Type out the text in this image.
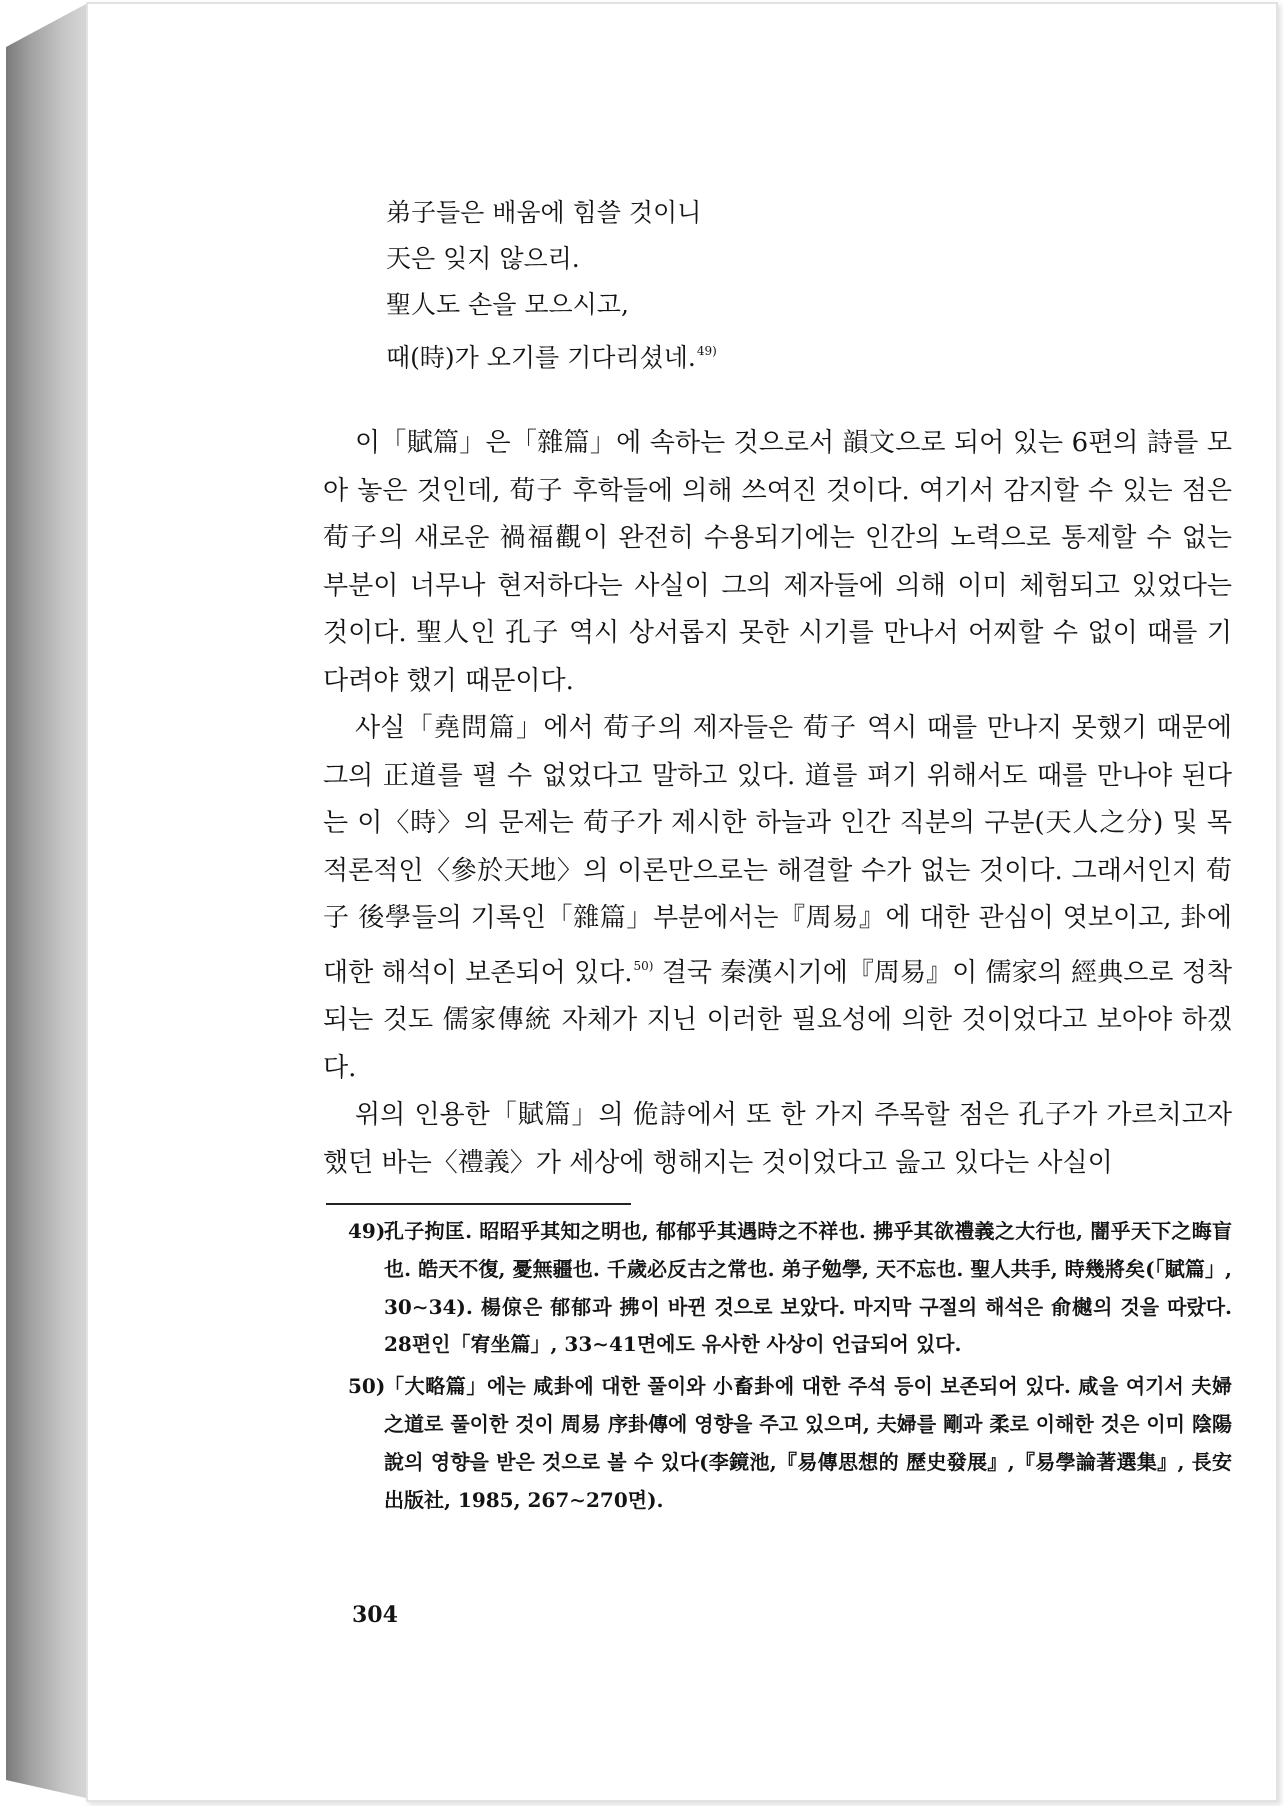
弟子들은 배움에 힘쓸 것이니

天은 잊지 않으리.

聖人도 손을 모으시고,

때(時)가 오기를 기다리셨네.$^{49)}$

이「賦篇」은「雜篇」에 속하는 것으로서 韻文으로 되어 있는 6편의 詩를 모아 놓은 것인데, 荀子 후학들에 의해 쓰여진 것이다. 여기서 감지할 수 있는 점은 荀子의 새로운 禍福觀이 완전히 수용되기에는 인간의 노력으로 통제할 수 없는 부분이 너무나 현저하다는 사실이 그의 제자들에 의해 이미 체험되고 있었다는 것이다. 聖人인 孔子 역시 상서롭지 못한 시기를 만나서 어찌할 수 없이 때를 기다려야 했기 때문이다.

사실「堯問篇」에서 荀子의 제자들은 荀子 역시 때를 만나지 못했기 때문에 그의 正道를 펼 수 없었다고 말하고 있다. 道를 펴기 위해서도 때를 만나야 된다는 이〈時〉의 문제는 荀子가 제시한 하늘과 인간 직분의 구분(天人之分) 및 목적론적인〈參於天地〉의 이론만으로는 해결할 수가 없는 것이다. 그래서인지 荀子 後學들의 기록인「雜篇」부분에서는『周易』에 대한 관심이 엿보이고, 卦에 대한 해석이 보존되어 있다.$^{50)}$ 결국 秦漢시기에『周易』이 儒家의 經典으로 정착되는 것도 儒家傳統 자체가 지닌 이러한 필요성에 의한 것이었다고 보아야 하겠다.

위의 인용한「賦篇」의 佹詩에서 또 한 가지 주목할 점은 孔子가 가르치고자 했던 바는〈禮義〉가 세상에 행해지는 것이었다고 읊고 있다는 사실이

49)
孔子拘匡. 昭昭乎其知之明也, 郁郁乎其遇時之不祥也. 拂乎其欲禮義之大行也, 闇乎天下之晦盲也. 皓天不復, 憂無疆也. 千歲必反古之常也. 弟子勉學, 天不忘也. 聖人共手, 時幾將矣(「賦篇」, 30∼34). 楊倞은 郁郁과 拂이 바뀐 것으로 보았다. 마지막 구절의 해석은 俞樾의 것을 따랐다. 28편인「宥坐篇」, 33∼41면에도 유사한 사상이 언급되어 있다.
50)
「大略篇」에는 咸卦에 대한 풀이와 小畜卦에 대한 주석 등이 보존되어 있다. 咸을 여기서 夫婦之道로 풀이한 것이 周易 序卦傳에 영향을 주고 있으며, 夫婦를 剛과 柔로 이해한 것은 이미 陰陽說의 영향을 받은 것으로 볼 수 있다(李鏡池,『易傳思想的 歷史發展』,『易學論著選集』, 長安出版社, 1985, 267∼270면).
304
